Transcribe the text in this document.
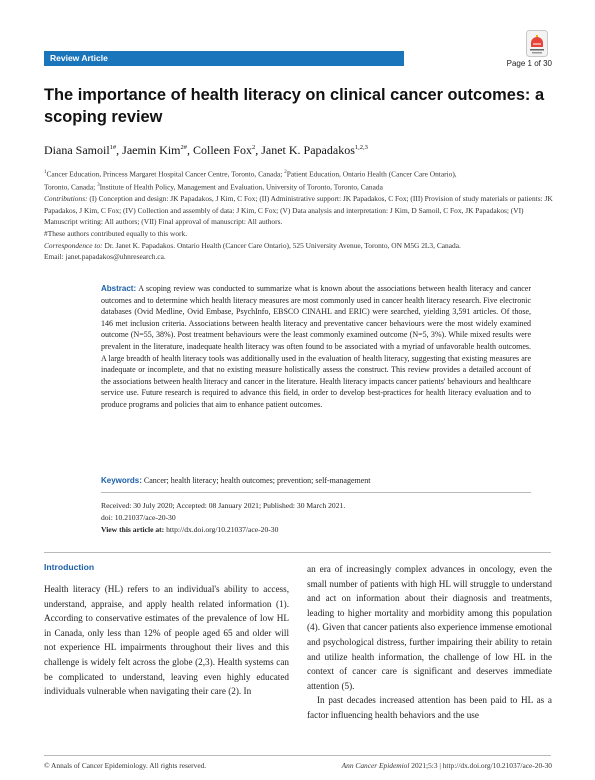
Review Article
Page 1 of 30
The importance of health literacy on clinical cancer outcomes: a scoping review
Diana Samoil$^{1\#}$, Jaemin Kim$^{2\#}$, Colleen Fox$^2$, Janet K. Papadakos$^{1,2,3}$
$^1$Cancer Education, Princess Margaret Hospital Cancer Centre, Toronto, Canada; $^2$Patient Education, Ontario Health (Cancer Care Ontario),
Toronto, Canada; $^3$Institute of Health Policy, Management and Evaluation, University of Toronto, Toronto, Canada
Contributions: (I) Conception and design: JK Papadakos, J Kim, C Fox; (II) Administrative support: JK Papadakos, C Fox; (III) Provision of study materials or patients: JK Papadakos, J Kim, C Fox; (IV) Collection and assembly of data: J Kim, C Fox; (V) Data analysis and interpretation: J Kim, D Samoil, C Fox, JK Papadakos; (VI) Manuscript writing: All authors; (VII) Final approval of manuscript: All authors.
#These authors contributed equally to this work.
Correspondence to: Dr. Janet K. Papadakos. Ontario Health (Cancer Care Ontario), 525 University Avenue, Toronto, ON M5G 2L3, Canada.
Email: janet.papadakos@uhnresearch.ca.
Abstract: A scoping review was conducted to summarize what is known about the associations between health literacy and cancer outcomes and to determine which health literacy measures are most commonly used in cancer health literacy research. Five electronic databases (Ovid Medline, Ovid Embase, PsychInfo, EBSCO CINAHL and ERIC) were searched, yielding 3,591 articles. Of those, 146 met inclusion criteria. Associations between health literacy and preventative cancer behaviours were the most widely examined outcome (N=55, 38%). Post treatment behaviours were the least commonly examined outcome (N=5, 3%). While mixed results were prevalent in the literature, inadequate health literacy was often found to be associated with a myriad of unfavorable health outcomes. A large breadth of health literacy tools was additionally used in the evaluation of health literacy, suggesting that existing measures are inadequate or incomplete, and that no existing measure holistically assess the construct. This review provides a detailed account of the associations between health literacy and cancer in the literature. Health literacy impacts cancer patients' behaviours and healthcare service use. Future research is required to advance this field, in order to develop best-practices for health literacy evaluation and to produce programs and policies that aim to enhance patient outcomes.
Keywords: Cancer; health literacy; health outcomes; prevention; self-management
Received: 30 July 2020; Accepted: 08 January 2021; Published: 30 March 2021.
doi: 10.21037/ace-20-30
View this article at: http://dx.doi.org/10.21037/ace-20-30
Introduction

Health literacy (HL) refers to an individual's ability to access, understand, appraise, and apply health related information (1). According to conservative estimates of the prevalence of low HL in Canada, only less than 12% of people aged 65 and older will not experience HL impairments throughout their lives and this challenge is widely felt across the globe (2,3). Health systems can be complicated to understand, leaving even highly educated individuals vulnerable when navigating their care (2). In

an era of increasingly complex advances in oncology, even the small number of patients with high HL will struggle to understand and act on information about their diagnosis and treatments, leading to higher mortality and morbidity among this population (4). Given that cancer patients also experience immense emotional and psychological distress, further impairing their ability to retain and utilize health information, the challenge of low HL in the context of cancer care is significant and deserves immediate attention (5).

In past decades increased attention has been paid to HL as a factor influencing health behaviors and the use

© Annals of Cancer Epidemiology. All rights reserved.	Ann Cancer Epidemiol 2021;5:3 | http://dx.doi.org/10.21037/ace-20-30
